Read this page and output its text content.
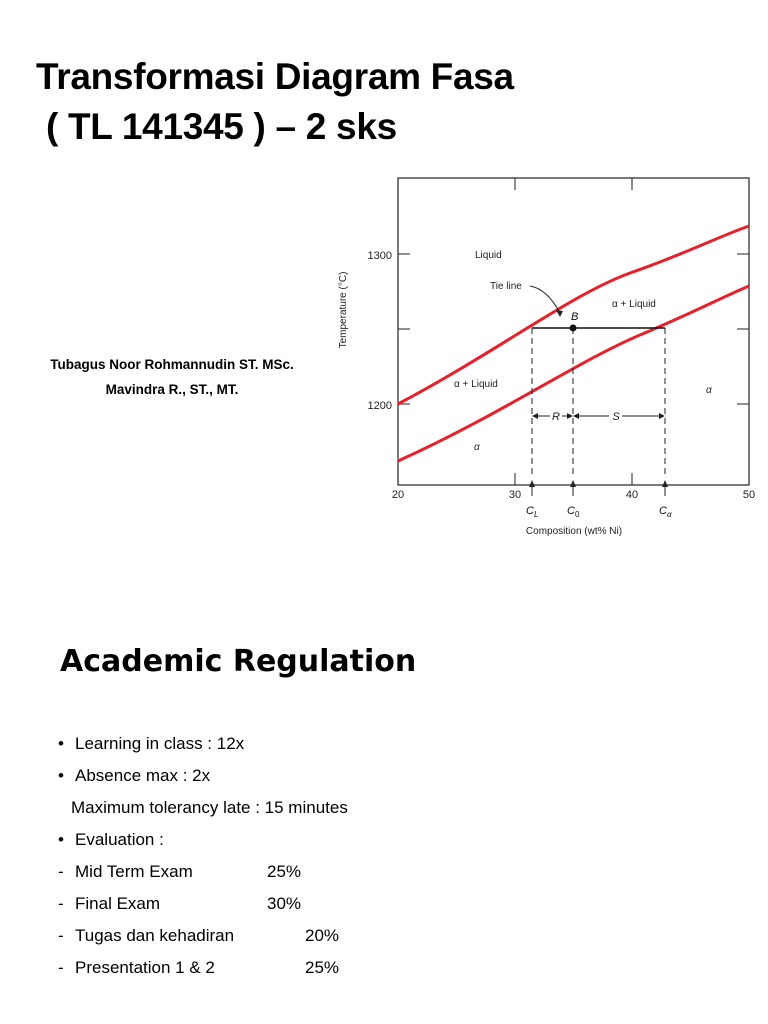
Transformasi Diagram Fasa
( TL 141345 ) – 2 sks
Tubagus Noor Rohmannudin ST. MSc.
Mavindra R., ST., MT.
1300
1200
20	30	40	50
Temperature (°C)
Composition (wt% Ni)
B
Tie line
R	S
$C_L$	$C_0$	$C_\alpha$
Liquid
α + Liquid
α + Liquid
α
α
Academic Regulation
• Learning in class : 12x
• Absence max : 2x
Maximum tolerancy late : 15 minutes
• Evaluation :
- Mid Term Exam	25%
- Final Exam	30%
- Tugas dan kehadiran	20%
- Presentation 1 & 2	25%
